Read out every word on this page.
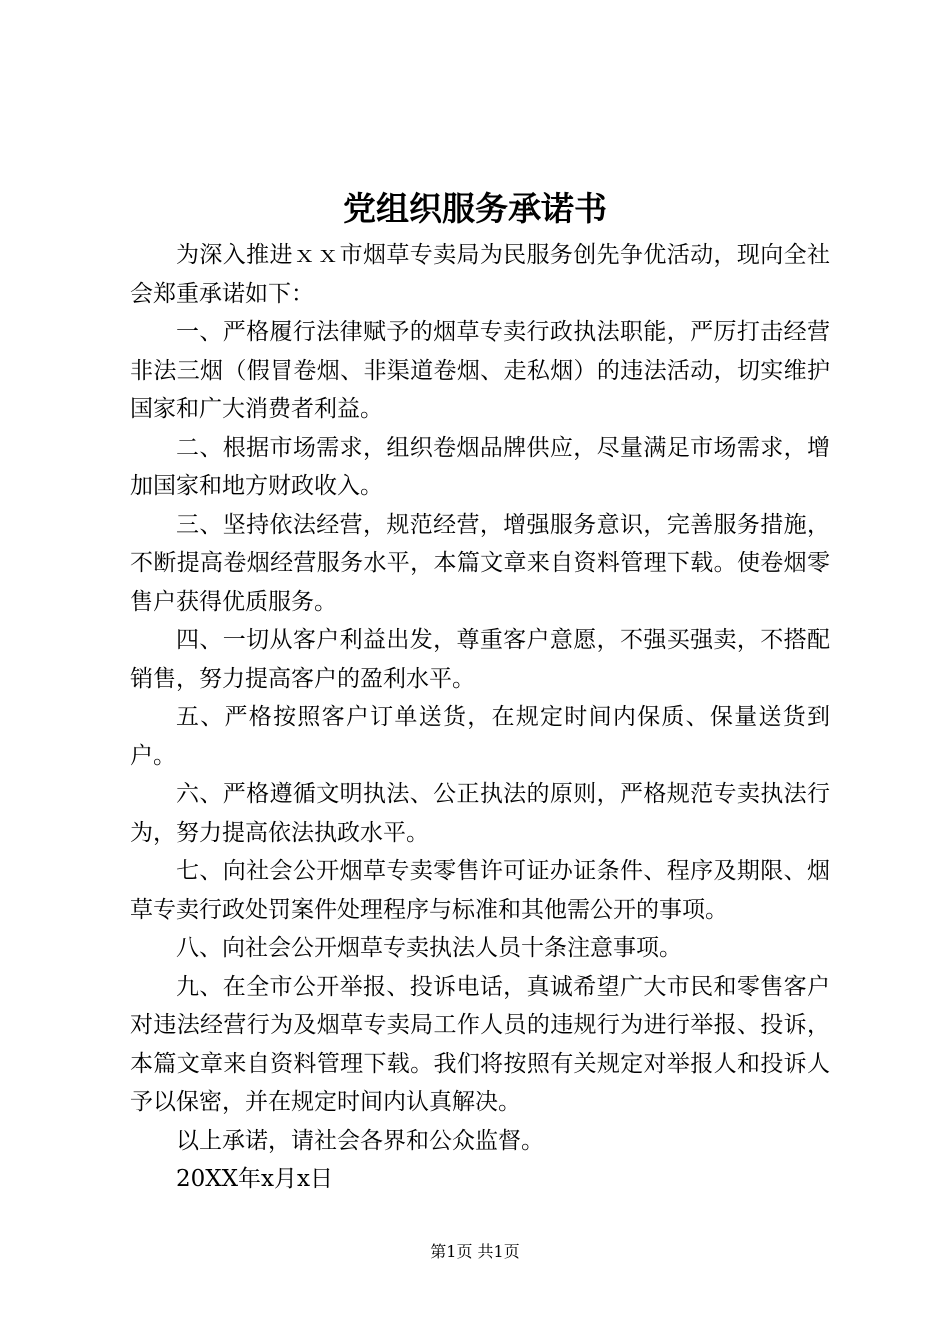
党组织服务承诺书

为深入推进ｘｘ市烟草专卖局为民服务创先争优活动，现向全社会郑重承诺如下：

一、严格履行法律赋予的烟草专卖行政执法职能，严厉打击经营非法三烟（假冒卷烟、非渠道卷烟、走私烟）的违法活动，切实维护国家和广大消费者利益。

二、根据市场需求，组织卷烟品牌供应，尽量满足市场需求，增加国家和地方财政收入。

三、坚持依法经营，规范经营，增强服务意识，完善服务措施，不断提高卷烟经营服务水平，本篇文章来自资料管理下载。使卷烟零售户获得优质服务。

四、一切从客户利益出发，尊重客户意愿，不强买强卖，不搭配销售，努力提高客户的盈利水平。

五、严格按照客户订单送货，在规定时间内保质、保量送货到户。

六、严格遵循文明执法、公正执法的原则，严格规范专卖执法行为，努力提高依法执政水平。

七、向社会公开烟草专卖零售许可证办证条件、程序及期限、烟草专卖行政处罚案件处理程序与标准和其他需公开的事项。

八、向社会公开烟草专卖执法人员十条注意事项。

九、在全市公开举报、投诉电话，真诚希望广大市民和零售客户对违法经营行为及烟草专卖局工作人员的违规行为进行举报、投诉，本篇文章来自资料管理下载。我们将按照有关规定对举报人和投诉人予以保密，并在规定时间内认真解决。

以上承诺，请社会各界和公众监督。

20XX年x月x日

第1页 共1页
